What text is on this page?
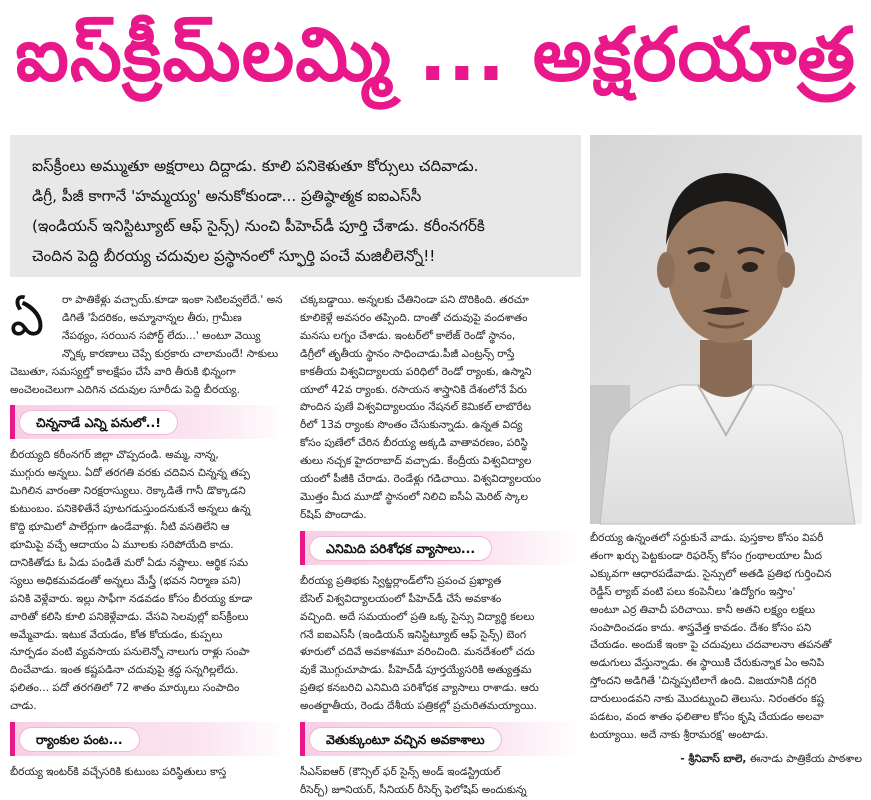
ఐస్‌క్రీమ్‌లమ్మి ... అక్షరయాత్ర

ఐస్‌క్రీంలు అమ్ముతూ అక్షరాలు దిద్దాడు. కూలి పనికెళుతూ కోర్సులు చదివాడు.

డిగ్రీ, పీజీ కాగానే 'హమ్మయ్య' అనుకోకుండా... ప్రతిష్ఠాత్మక ఐఐఎస్‌సీ

(ఇండియన్ ఇనిస్టిట్యూట్ ఆఫ్ సైన్స్) నుంచి పీహెచ్‌డీ పూర్తి చేశాడు. కరీంనగర్‌కి

చెందిన పెద్ది బీరయ్య చదువుల ప్రస్థానంలో స్ఫూర్తి పంచే మజిలీలెన్నో!!

ఏ	రా పాతికేళ్లు వచ్చాయ్.కూడా ఇంకా సెటిలవ్వలేదే.' అన
డిగితే 'పేదరికం, అమ్మానాన్నల తీరు, గ్రామీణ
నేపథ్యం, సరయిన సపోర్ట్ లేదు...' అంటూ వెయ్యి
న్నొక్క కారణాలు చెప్పే కుర్రకారు చాలామందే! సాకులు
చెబుతూ, సమస్యల్తో కాలక్షేపం చేసే వారి తీరుకి భిన్నంగా
అంచెలంచెలుగా ఎదిగిన చదువుల సూరీడు పెద్ది బీరయ్య.
చిన్ననాడే ఎన్ని పనులో..!
బీరయ్యది కరీంనగర్ జిల్లా చొప్పదండి. అమ్మ, నాన్న,
ముగ్గురు అన్నలు. ఏదో తరగతి వరకు చదివిన చిన్నన్న తప్ప
మిగిలిన వారంతా నిరక్షరాస్యులు. రెక్కాడితే గానీ డొక్కాడని
కుటుంబం. పనికెళితేనే పూటగడుస్తుందనుకునే అన్నలు ఉన్న
కొద్ది భూమిలో పాలేర్లుగా ఉండేవాళ్లు. నీటి వసతిలేని ఆ
భూమిపై వచ్చే ఆదాయం ఏ మూలకు సరిపోయేది కాదు.
దానికితోడు ఓ ఏడు పండితే మరో ఏడు నష్టాలు. ఆర్థిక సమ
స్యలు అధికమవడంతో అన్నలు మేస్త్రీ (భవన నిర్మాణ పని)
పనికి వెళ్లేవారు. ఇల్లు సాఫీగా నడవడం కోసం బీరయ్య కూడా
వారితో కలిసి కూలి పనికెళ్లేవాడు. వేసవి సెలవుల్లో ఐస్‌క్రీంలు
అమ్మేవాడు. ఇటుక వేయడం, కోత కోయడం, కుప్పలు
నూర్పడం వంటి వ్యవసాయ పనులెన్నో నాలుగు రాళ్లు సంపా
దించేవాడు. ఇంత కష్టపడినా చదువుపై శ్రద్ధ సన్నగిల్లలేదు.
ఫలితం... పదో తరగతిలో 72 శాతం మార్కులు సంపాదిం
చాడు.
ర్యాంకుల పంట...
బీరయ్య ఇంటర్‌కి వచ్చేసరికి కుటుంబ పరిస్థితులు కాస్త
చక్కబడ్డాయి. అన్నలకు చేతినిండా పని దొరికింది. తరచూ
కూలికెళ్లే అవసరం తప్పింది. దాంతో చదువుపై వందశాతం
మనసు లగ్నం చేశాడు. ఇంటర్‌లో కాలేజ్ రెండో స్థానం,
డిగ్రీలో తృతీయ స్థానం సాధించాడు.పీజీ ఎంట్రన్స్ రాస్తే
కాకతీయ విశ్వవిద్యాలయ పరిధిలో రెండో ర్యాంకు, ఉస్మాని
యాలో 42వ ర్యాంకు. రసాయన శాస్త్రానికి దేశంలోనే పేరు
పొందిన పుణే విశ్వవిద్యాలయం నేషనల్ కెమికల్ లాబొరేట
రీలో 13వ ర్యాంకు సొంతం చేసుకున్నాడు. ఉన్నత విద్య
కోసం పుణేలో చేరిన బీరయ్య అక్కడి వాతావరణం, పరిస్థి
తులు నచ్చక హైదరాబాద్ వచ్చాడు. కేంద్రీయ విశ్వవిద్యాల
యంలో పీజీకి చేరాడు. రెండేళ్లు గడిచాయి. విశ్వవిద్యాలయం
మొత్తం మీద మూడో స్థానంలో నిలిచి ఐసీఏ మెరిట్ స్కాల
ర్‌షిప్ పొందాడు.
ఎనిమిది పరిశోధక వ్యాసాలు...
బీరయ్య ప్రతిభకు స్విట్జర్లాండ్‌లోని ప్రపంచ ప్రఖ్యాత
బేసెల్ విశ్వవిద్యాలయంలో పీహెచ్‌డీ చేసే అవకాశం
వచ్చింది. అదే సమయంలో ప్రతి ఒక్క సైన్సు విద్యార్థి కలలు
గనే ఐఐఎస్‌సీ (ఇండియన్ ఇనిస్టిట్యూట్ ఆఫ్ సైన్స్) బెంగ
ళూరులో చదివే అవకాశమూ వరించింది. మనదేశంలో చదు
వుకే మొగ్గుచూపాడు. పీహెచ్‌డీ పూర్తయ్యేసరికి అత్యుత్తమ
ప్రతిభ కనబరిచి ఎనిమిది పరిశోధక వ్యాసాలు రాశాడు. ఆరు
అంతర్జాతీయ, రెండు దేశీయ పత్రికల్లో ప్రచురితమయ్యాయి.
వెతుక్కుంటూ వచ్చిన అవకాశాలు
సీఎస్ఐఆర్ (కౌన్సిల్ ఫర్ సైన్స్ అండ్ ఇండస్ట్రియల్
రీసెర్చ్) జూనియర్, సీనియర్ రీసెర్చ్ ఫెలోషిప్ అందుకున్న
బీరయ్య ఉన్నంతలో సర్దుకునే వాడు. పుస్తకాల కోసం విపరీ
తంగా ఖర్చు పెట్టకుండా రిఫరెన్స్ కోసం గ్రంథాలయాల మీద
ఎక్కువగా ఆధారపడేవాడు. సైన్సులో అతడి ప్రతిభ గుర్తించిన
రెడ్డీస్ ల్యాబ్ వంటి పలు కంపెనీలు 'ఉద్యోగం ఇస్తాం'
అంటూ ఎర్ర తివాచీ పరిచాయి. కానీ అతని లక్ష్యం లక్షలు
సంపాదించడం కాదు. శాస్త్రవేత్త కావడం. దేశం కోసం పని
చేయడం. అందుకే ఇంకా పై చదువులు చదవాలనాు తపనతో
అడుగులు వేస్తున్నాడు. ఈ స్థాయికి చేరుకున్నాక ఏం అనిపి
స్తోందని అడిగితే 'చిన్నప్పటిలాగే ఉంది. విజయానికి దగ్గరి
దారులుండవని నాకు మొదట్నుంచి తెలుసు. నిరంతరం కష్ట
పడటం, వంద శాతం ఫలితాల కోసం కృషి చేయడం అలవా
టయ్యాయి. అదే నాకు శ్రీరామరక్ష' అంటాడు.
- శ్రీనివాస్ బాలె, ఈనాడు పాత్రికేయ పాఠశాల
